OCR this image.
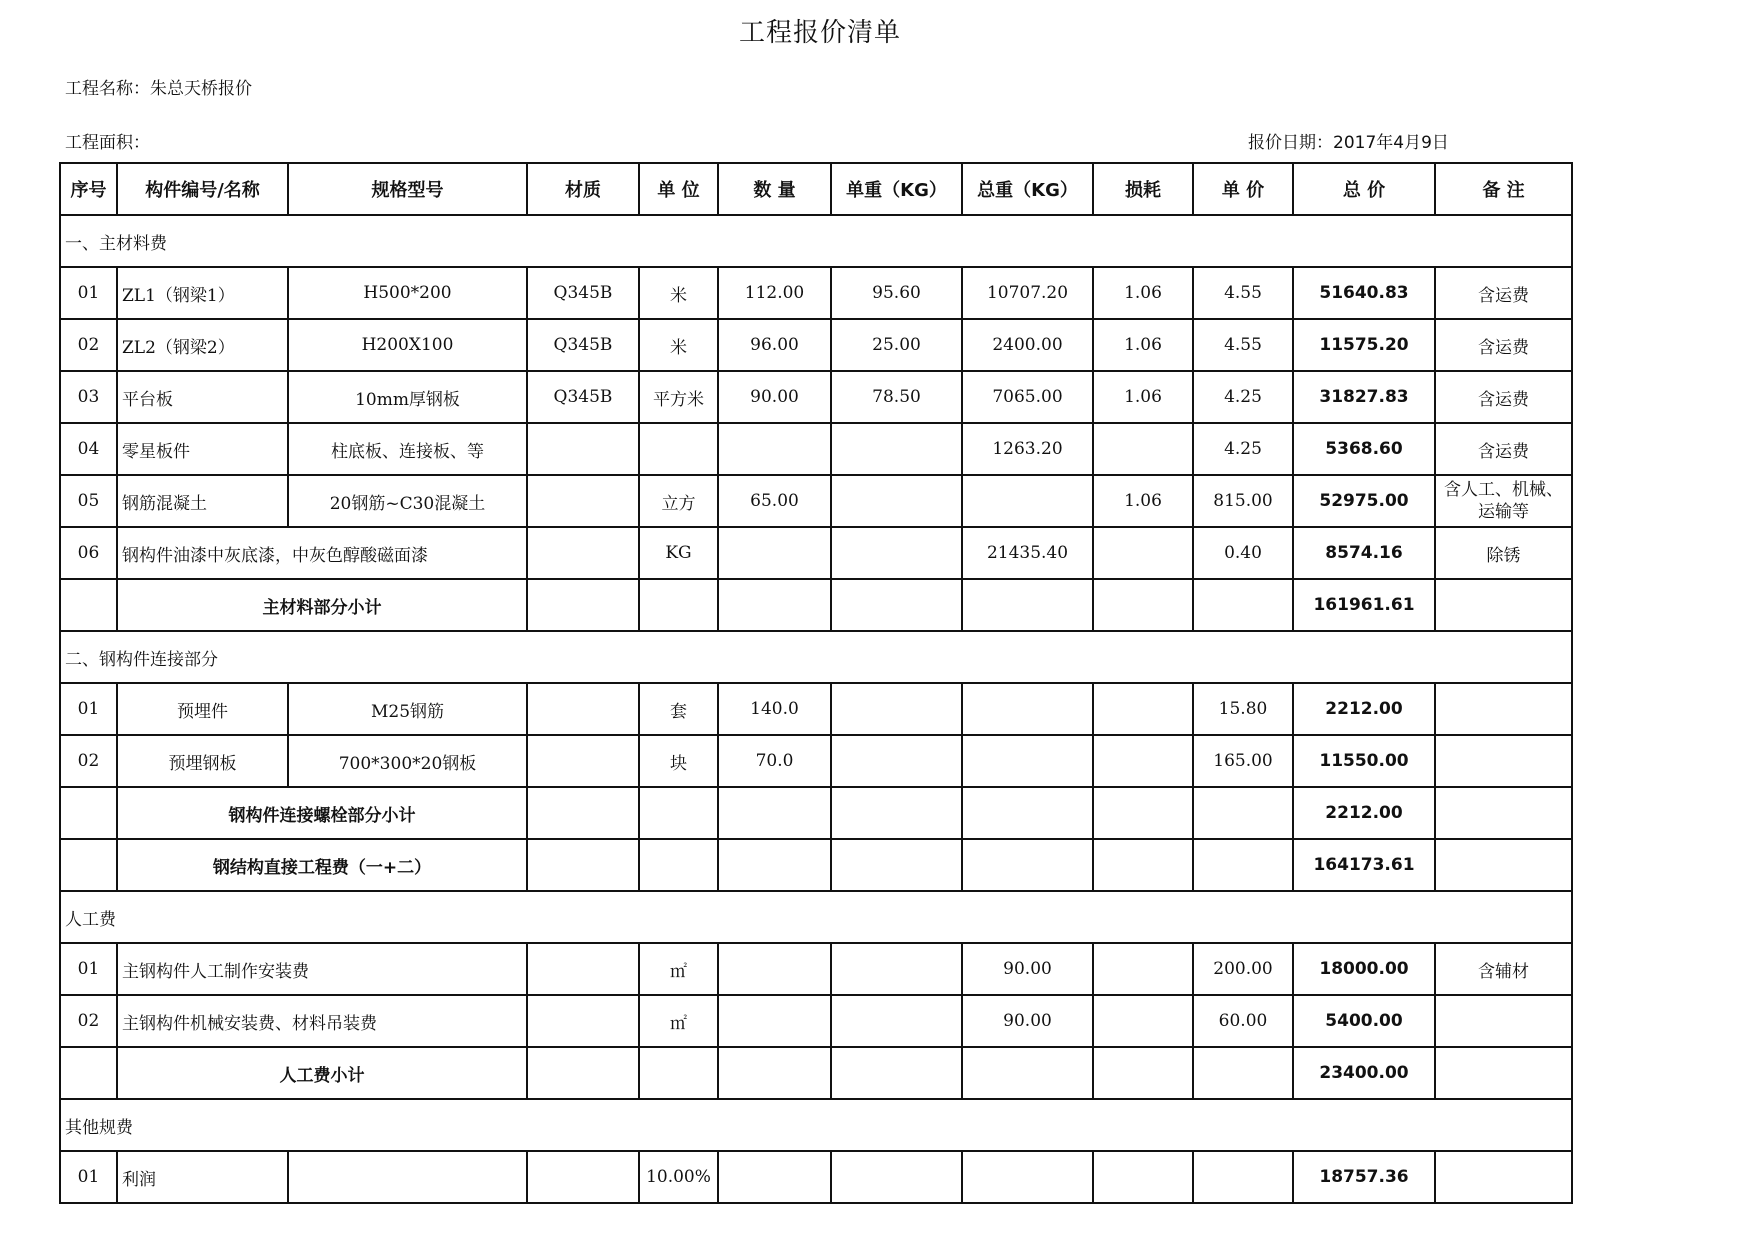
工程报价清单
工程名称：朱总天桥报价
工程面积：	报价日期：2017年4月9日
序号	构件编号/名称	规格型号	材质	单 位	数 量	单重（KG）	总重（KG）	损耗	单 价	总 价	备 注
一、主材料费											
01	ZL1（钢梁1）	H500*200	Q345B	米	112.00	95.60	10707.20	1.06	4.55	51640.83	含运费
02	ZL2（钢梁2）	H200X100	Q345B	米	96.00	25.00	2400.00	1.06	4.55	11575.20	含运费
03	平台板	10mm厚钢板	Q345B	平方米	90.00	78.50	7065.00	1.06	4.25	31827.83	含运费
04	零星板件	柱底板、连接板、等					1263.20		4.25	5368.60	含运费
05	钢筋混凝土	20钢筋~C30混凝土		立方	65.00			1.06	815.00	52975.00	含人工、机械、运输等
06	钢构件油漆中灰底漆，中灰色醇酸磁面漆			KG			21435.40		0.40	8574.16	除锈
	主材料部分小计									161961.61	
二、钢构件连接部分											
01	预埋件	M25钢筋		套	140.0				15.80	2212.00	
02	预埋钢板	700*300*20钢板		块	70.0				165.00	11550.00	
	钢构件连接螺栓部分小计									2212.00	
	钢结构直接工程费（一+二）									164173.61	
人工费											
01	主钢构件人工制作安装费			㎡			90.00		200.00	18000.00	含辅材
02	主钢构件机械安装费、材料吊装费			㎡			90.00		60.00	5400.00	
	人工费小计									23400.00	
其他规费											
01	利润			10.00%						18757.36	
